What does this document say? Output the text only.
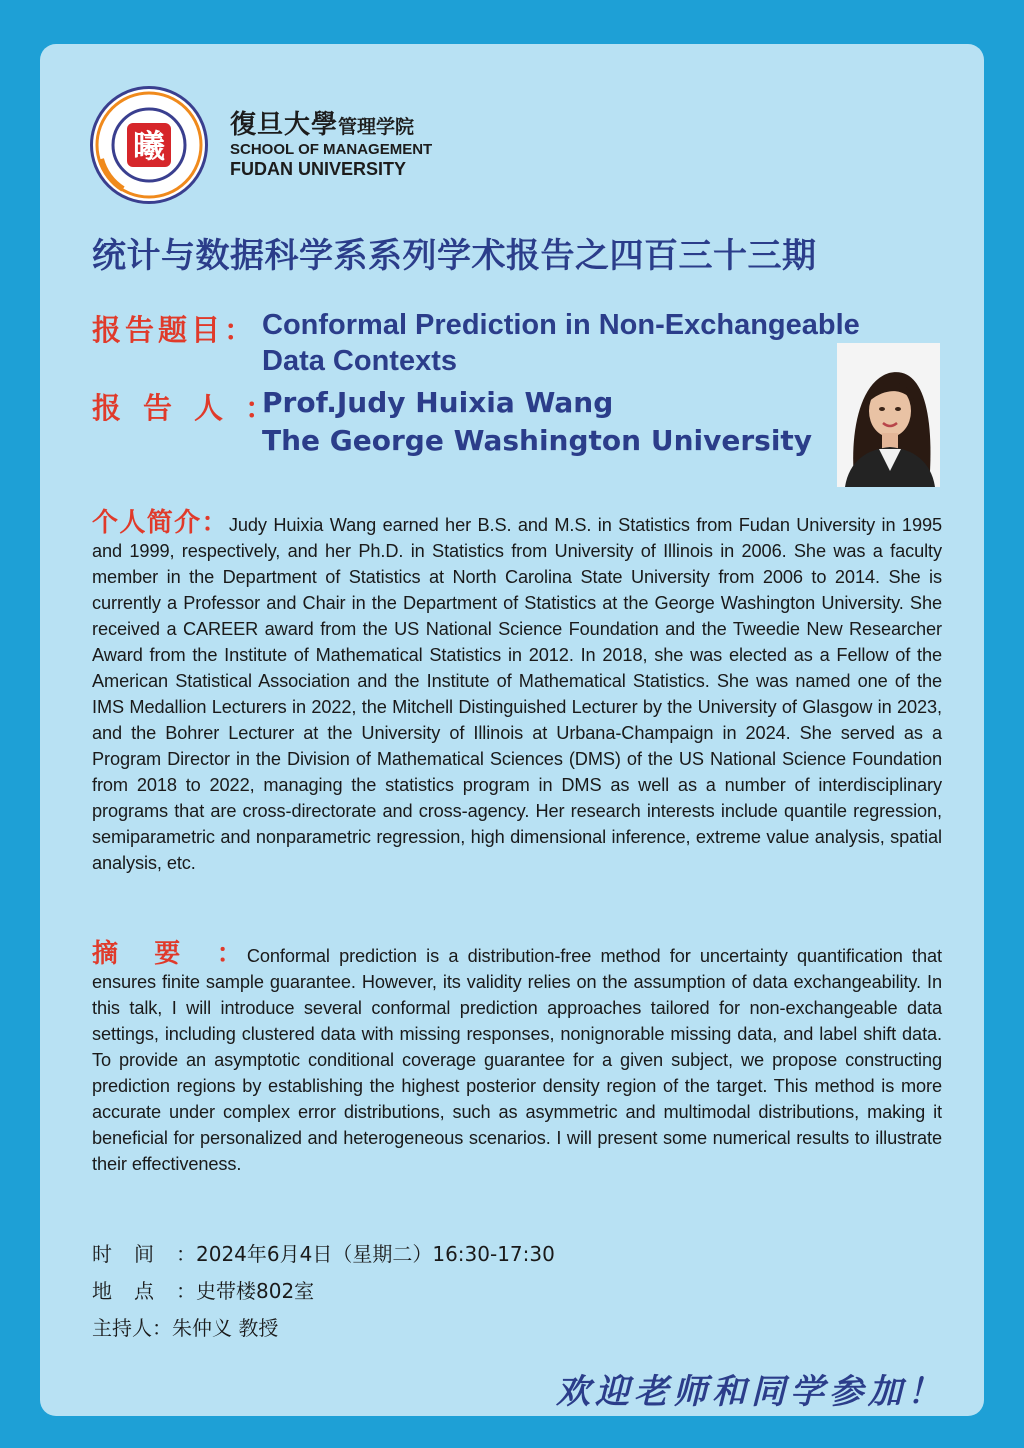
曦
復旦大學管理学院
SCHOOL OF MANAGEMENT
FUDAN UNIVERSITY
统计与数据科学系系列学术报告之四百三十三期
报告题目： Conformal Prediction in Non-Exchangeable Data Contexts
报告人：
Prof.Judy Huixia Wang
The George Washington University
个人简介：Judy Huixia Wang earned her B.S. and M.S. in Statistics from Fudan University in 1995 and 1999, respectively, and her Ph.D. in Statistics from University of Illinois in 2006. She was a faculty member in the Department of Statistics at North Carolina State University from 2006 to 2014. She is currently a Professor and Chair in the Department of Statistics at the George Washington University. She received a CAREER award from the US National Science Foundation and the Tweedie New Researcher Award from the Institute of Mathematical Statistics in 2012. In 2018, she was elected as a Fellow of the American Statistical Association and the Institute of Mathematical Statistics. She was named one of the IMS Medallion Lecturers in 2022, the Mitchell Distinguished Lecturer by the University of Glasgow in 2023, and the Bohrer Lecturer at the University of Illinois at Urbana-Champaign in 2024. She served as a Program Director in the Division of Mathematical Sciences (DMS) of the US National Science Foundation from 2018 to 2022, managing the statistics program in DMS as well as a number of interdisciplinary programs that are cross-directorate and cross-agency. Her research interests include quantile regression, semiparametric and nonparametric regression, high dimensional inference, extreme value analysis, spatial analysis, etc.
摘要：Conformal prediction is a distribution-free method for uncertainty quantification that ensures finite sample guarantee. However, its validity relies on the assumption of data exchangeability. In this talk, I will introduce several conformal prediction approaches tailored for non-exchangeable data settings, including clustered data with missing responses, nonignorable missing data, and label shift data. To provide an asymptotic conditional coverage guarantee for a given subject, we propose constructing prediction regions by establishing the highest posterior density region of the target. This method is more accurate under complex error distributions, such as asymmetric and multimodal distributions, making it beneficial for personalized and heterogeneous scenarios. I will present some numerical results to illustrate their effectiveness.
时间：2024年6月4日（星期二）16:30-17:30
地点：史带楼802室
主持人：朱仲义 教授
欢迎老师和同学参加！
